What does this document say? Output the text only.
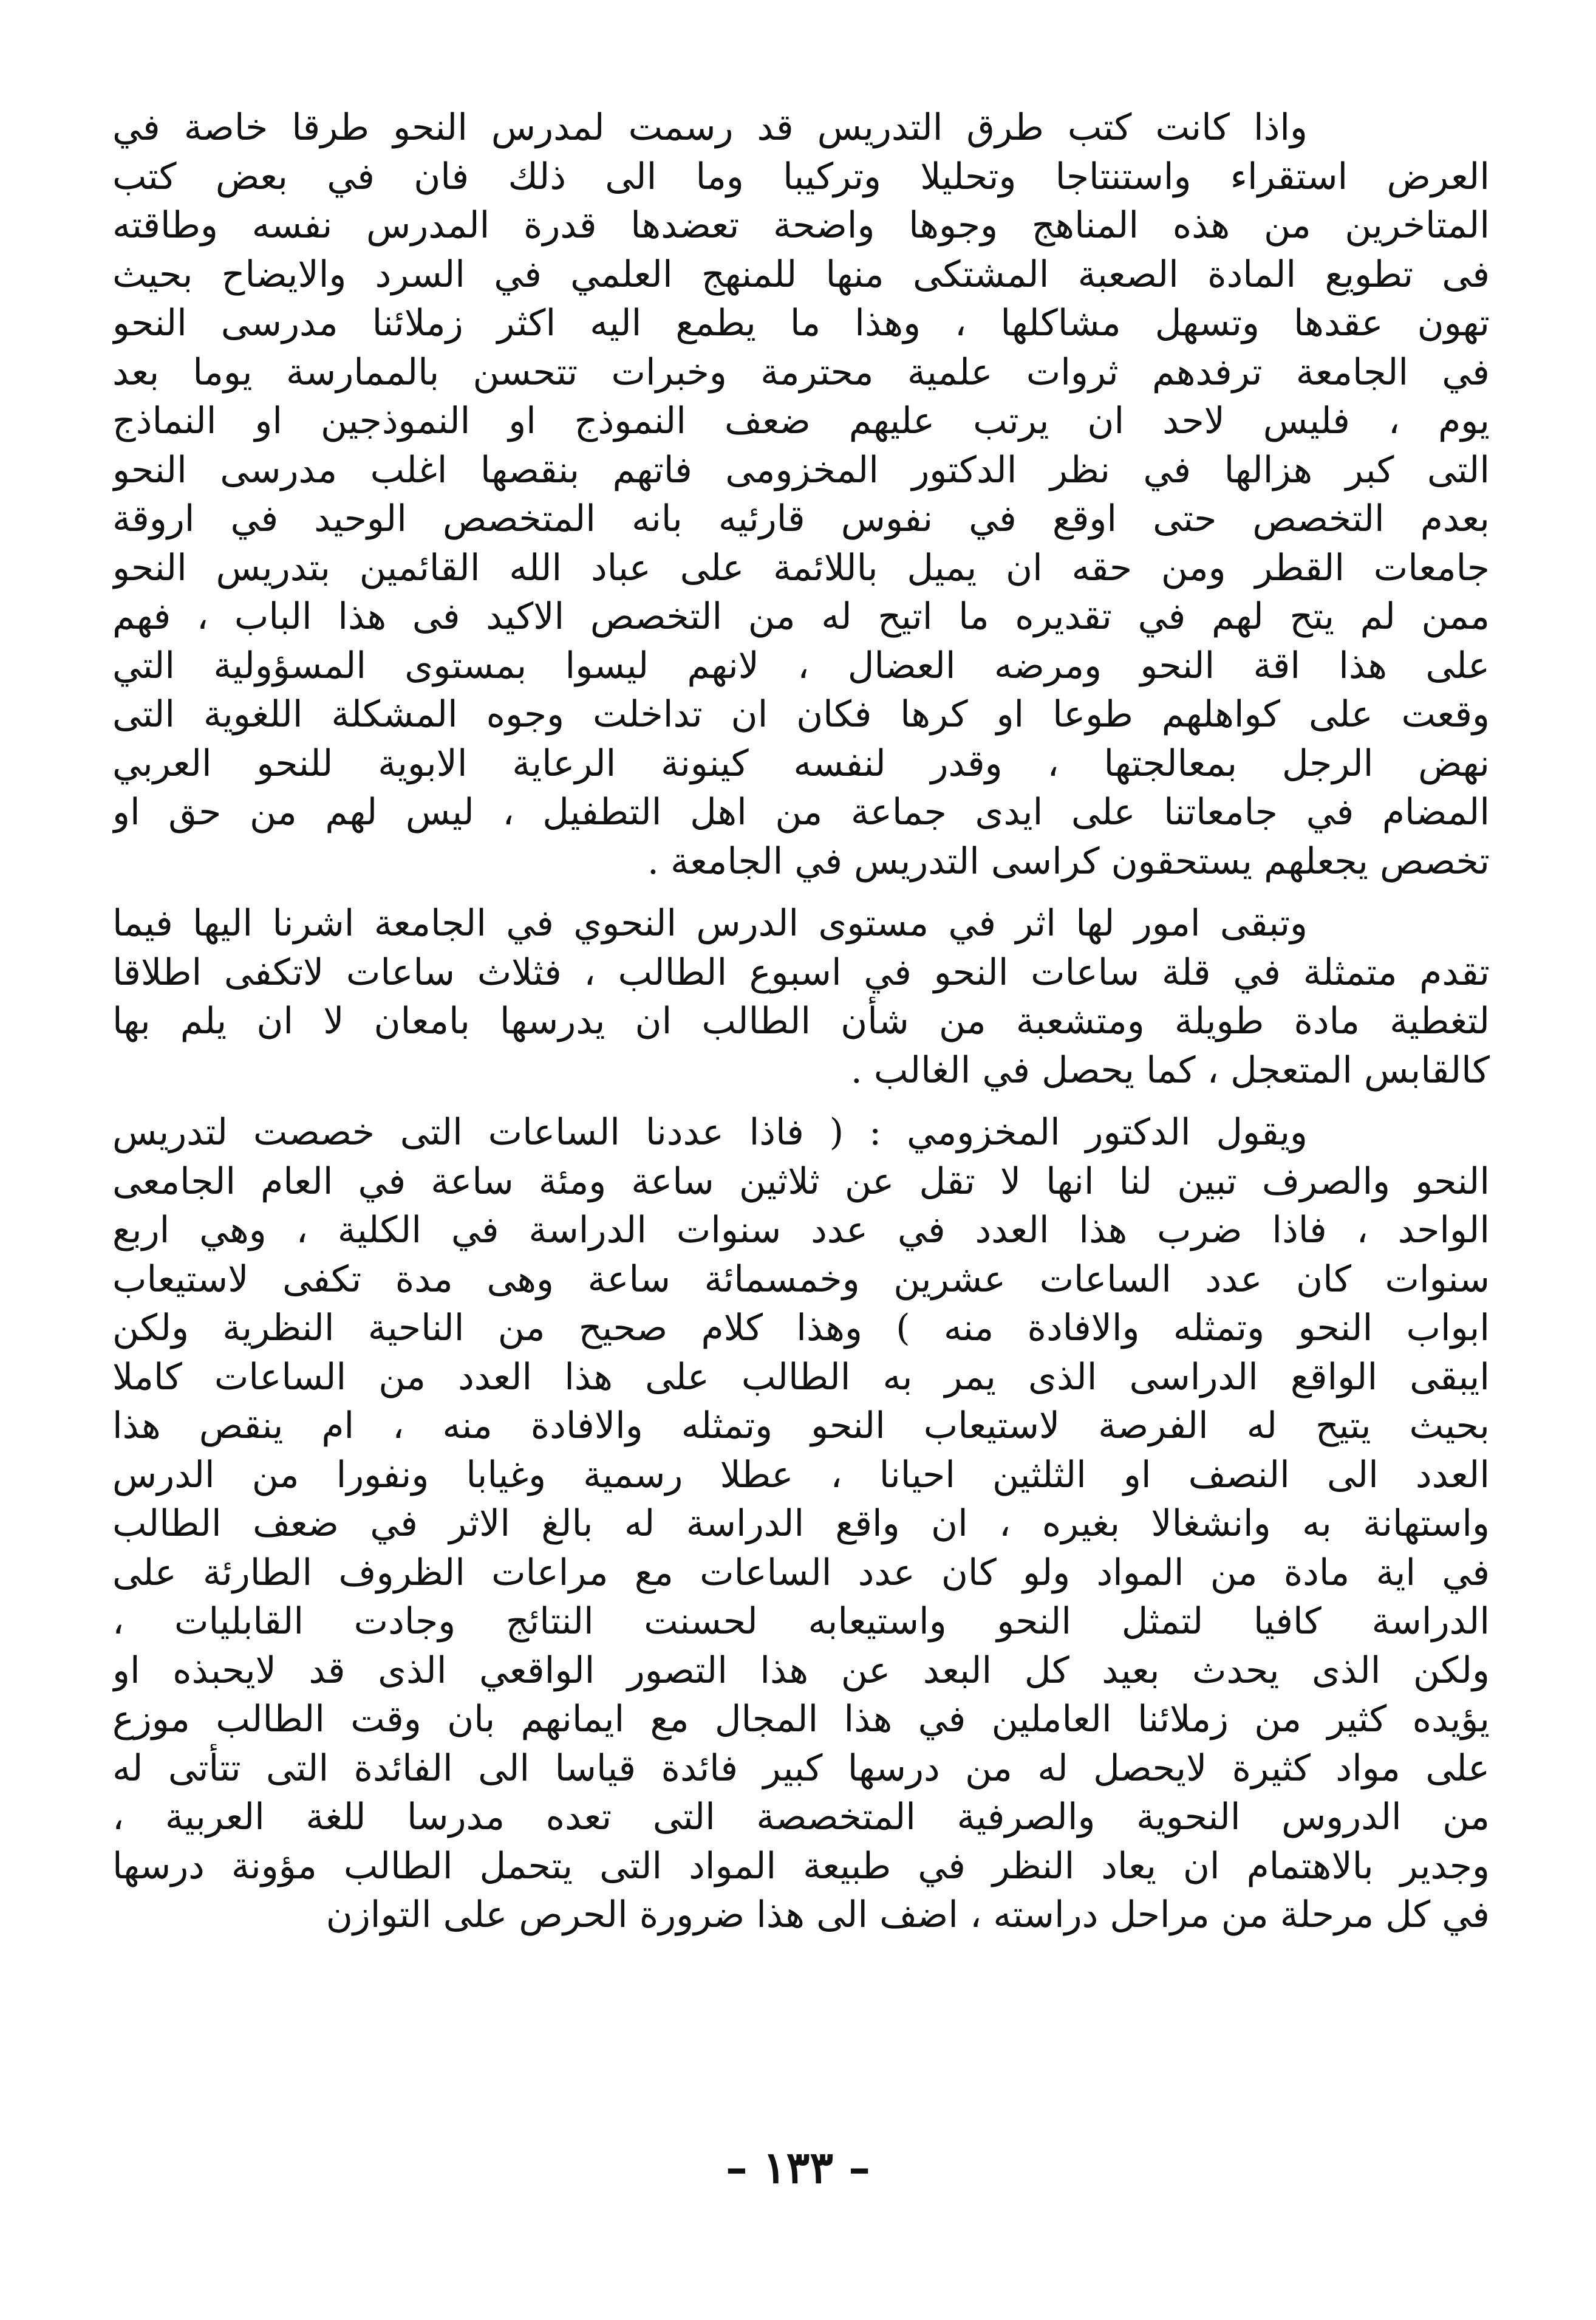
واذا كانت كتب طرق التدريس قد رسمت لمدرس النحو طرقا خاصة في
العرض استقراء واستنتاجا وتحليلا وتركيبا وما الى ذلك فان في بعض كتب
المتاخرين من هذه المناهج وجوها واضحة تعضدها قدرة المدرس نفسه وطاقته
فى تطويع المادة الصعبة المشتكى منها للمنهج العلمي في السرد والايضاح بحيث
تهون عقدها وتسهل مشاكلها ، وهذا ما يطمع اليه اكثر زملائنا مدرسى النحو
في الجامعة ترفدهم ثروات علمية محترمة وخبرات تتحسن بالممارسة يوما بعد
يوم ، فليس لاحد ان يرتب عليهم ضعف النموذج او النموذجين او النماذج
التى كبر هزالها في نظر الدكتور المخزومى فاتهم بنقصها اغلب مدرسى النحو
بعدم التخصص حتى اوقع في نفوس قارئيه بانه المتخصص الوحيد في اروقة
جامعات القطر ومن حقه ان يميل باللائمة على عباد الله القائمين بتدريس النحو
ممن لم يتح لهم في تقديره ما اتيح له من التخصص الاكيد فى هذا الباب ، فهم
على هذا اقة النحو ومرضه العضال ، لانهم ليسوا بمستوى المسؤولية التي
وقعت على كواهلهم طوعا او كرها فكان ان تداخلت وجوه المشكلة اللغوية التى
نهض الرجل بمعالجتها ، وقدر لنفسه كينونة الرعاية الابوية للنحو العربي
المضام في جامعاتنا على ايدى جماعة من اهل التطفيل ، ليس لهم من حق او
تخصص يجعلهم يستحقون كراسى التدريس في الجامعة .
وتبقى امور لها اثر في مستوى الدرس النحوي في الجامعة اشرنا اليها فيما
تقدم متمثلة في قلة ساعات النحو في اسبوع الطالب ، فثلاث ساعات لاتكفى اطلاقا
لتغطية مادة طويلة ومتشعبة من شأن الطالب ان يدرسها بامعان لا ان يلم بها
كالقابس المتعجل ، كما يحصل في الغالب .
ويقول الدكتور المخزومي : ( فاذا عددنا الساعات التى خصصت لتدريس
النحو والصرف تبين لنا انها لا تقل عن ثلاثين ساعة ومئة ساعة في العام الجامعى
الواحد ، فاذا ضرب هذا العدد في عدد سنوات الدراسة في الكلية ، وهي اربع
سنوات كان عدد الساعات عشرين وخمسمائة ساعة وهى مدة تكفى لاستيعاب
ابواب النحو وتمثله والافادة منه ) وهذا كلام صحيح من الناحية النظرية ولكن
ايبقى الواقع الدراسى الذى يمر به الطالب على هذا العدد من الساعات كاملا
بحيث يتيح له الفرصة لاستيعاب النحو وتمثله والافادة منه ، ام ينقص هذا
العدد الى النصف او الثلثين احيانا ، عطلا رسمية وغيابا ونفورا من الدرس
واستهانة به وانشغالا بغيره ، ان واقع الدراسة له بالغ الاثر في ضعف الطالب
في اية مادة من المواد ولو كان عدد الساعات مع مراعات الظروف الطارئة على
الدراسة كافيا لتمثل النحو واستيعابه لحسنت النتائج وجادت القابليات ،
ولكن الذى يحدث بعيد كل البعد عن هذا التصور الواقعي الذى قد لايحبذه او
يؤيده كثير من زملائنا العاملين في هذا المجال مع ايمانهم بان وقت الطالب موزع
على مواد كثيرة لايحصل له من درسها كبير فائدة قياسا الى الفائدة التى تتأتى له
من الدروس النحوية والصرفية المتخصصة التى تعده مدرسا للغة العربية ،
وجدير بالاهتمام ان يعاد النظر في طبيعة المواد التى يتحمل الطالب مؤونة درسها
في كل مرحلة من مراحل دراسته ، اضف الى هذا ضرورة الحرص على التوازن
– ١٣٣ –
